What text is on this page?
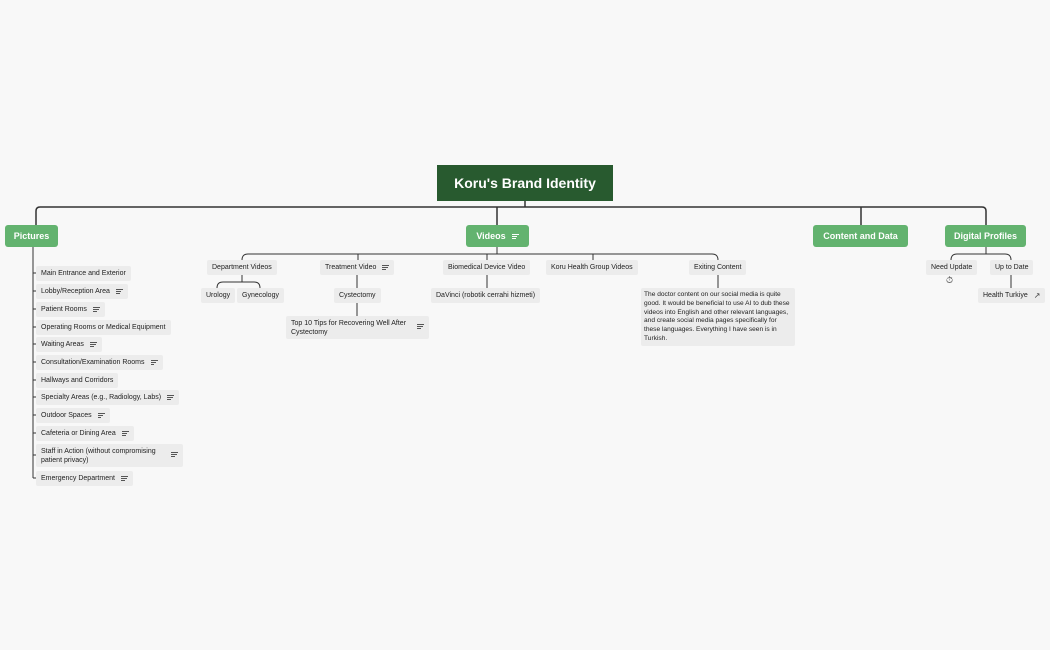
Koru's Brand Identity
Pictures	Videos	Content and Data	Digital Profiles
Main Entrance and Exterior
Lobby/Reception Area
Patient Rooms
Operating Rooms or Medical Equipment
Waiting Areas
Consultation/Examination Rooms
Hallways and Corridors
Specialty Areas (e.g., Radiology, Labs)
Outdoor Spaces
Cafeteria or Dining Area
Staff in Action (without compromising patient privacy)
Emergency Department
Department Videos
Urology Gynecology
Treatment Video
Cystectomy
Top 10 Tips for Recovering Well After Cystectomy
Biomedical Device Video
DaVinci (robotik cerrahi hizmeti)
Koru Health Group Videos	Exiting Content
The doctor content on our social media is quite good. It would be beneficial to use AI to dub these videos into English and other relevant languages, and create social media pages specifically for these languages. Everything I have seen is in Turkish.
Need Update
⏱
Up to Date
Health Turkiye ↗
